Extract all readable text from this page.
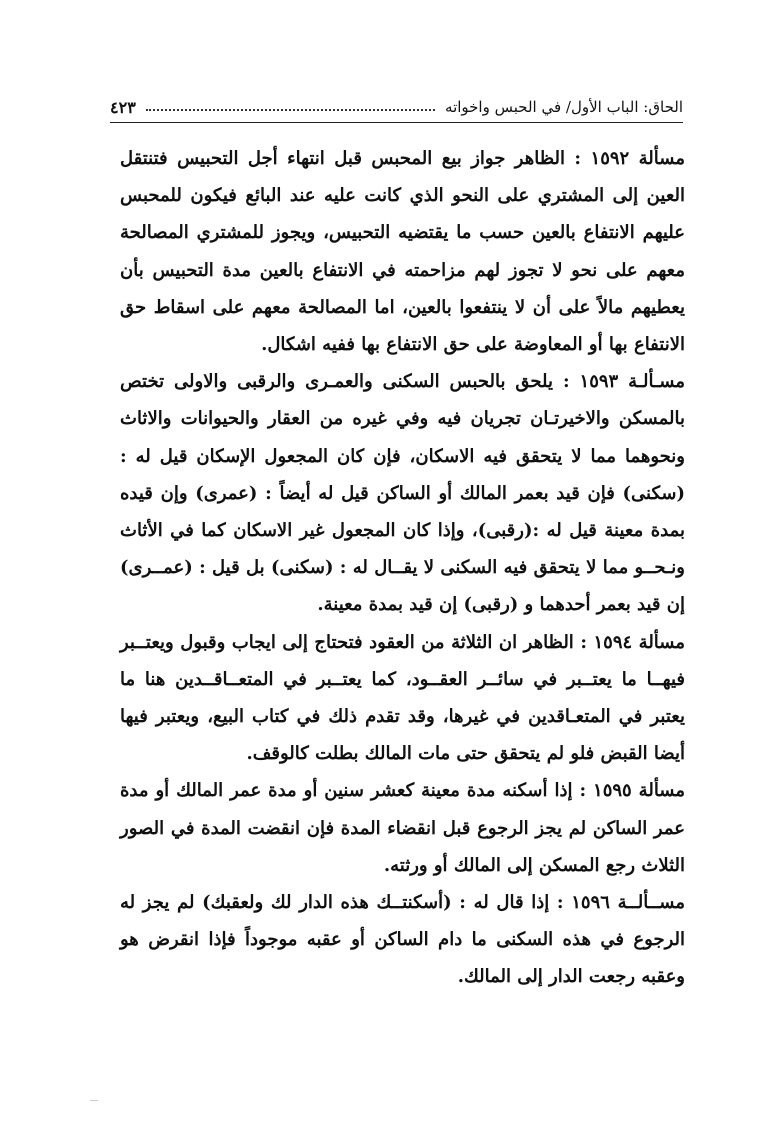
الحاق: الباب الأول/ في الحبس واخواته
٤٢٣

مسألة ١٥٩٢ : الظاهر جواز بيع المحبس قبل انتهاء أجل التحبيس فتنتقل العين إلى المشتري على النحو الذي كانت عليه عند البائع فيكون للمحبس عليهم الانتفاع بالعين حسب ما يقتضيه التحبيس، ويجوز للمشتري المصالحة معهم على نحو لا تجوز لهم مزاحمته في الانتفاع بالعين مدة التحبيس بأن يعطيهم مالاً على أن لا ينتفعوا بالعين، اما المصالحة معهم على اسقاط حق الانتفاع بها أو المعاوضة على حق الانتفاع بها ففيه اشكال.

مسـألـة ١٥٩٣ : يلحق بالحبس السكنى والعمـرى والرقبى والاولى تختص بالمسكن والاخيرتـان تجريان فيه وفي غيره من العقار والحيوانات والاثاث ونحوهما مما لا يتحقق فيه الاسكان، فإن كان المجعول الإسكان قيل له :(سكنى) فإن قيد بعمر المالك أو الساكن قيل له أيضاً : (عمرى) وإن قيده بمدة معينة قيل له :(رقبى)، وإذا كان المجعول غير الاسكان كما في الأثاث ونـحــو مما لا يتحقق فيه السكنى لا يقــال له : (سكنى) بل قيل : (عمــرى) إن قيد بعمر أحدهما و (رقبى) إن قيد بمدة معينة.

مسألة ١٥٩٤ : الظاهر ان الثلاثة من العقود فتحتاج إلى ايجاب وقبول ويعتــبر فيهــا ما يعتــبر في سائــر العقــود، كما يعتــبر في المتعــاقــدين هنا ما يعتبر في المتعـاقدين في غيرها، وقد تقدم ذلك في كتاب البيع، ويعتبر فيها أيضا القبض فلو لم يتحقق حتى مات المالك بطلت كالوقف.

مسألة ١٥٩٥ : إذا أسكنه مدة معينة كعشر سنين أو مدة عمر المالك أو مدة عمر الساكن لم يجز الرجوع قبل انقضاء المدة فإن انقضت المدة في الصور الثلاث رجع المسكن إلى المالك أو ورثته.

مســألــة ١٥٩٦ : إذا قال له : (أسكنتــك هذه الدار لك ولعقبك) لم يجز له الرجوع في هذه السكنى ما دام الساكن أو عقبه موجوداً فإذا انقرض هو وعقبه رجعت الدار إلى المالك.
